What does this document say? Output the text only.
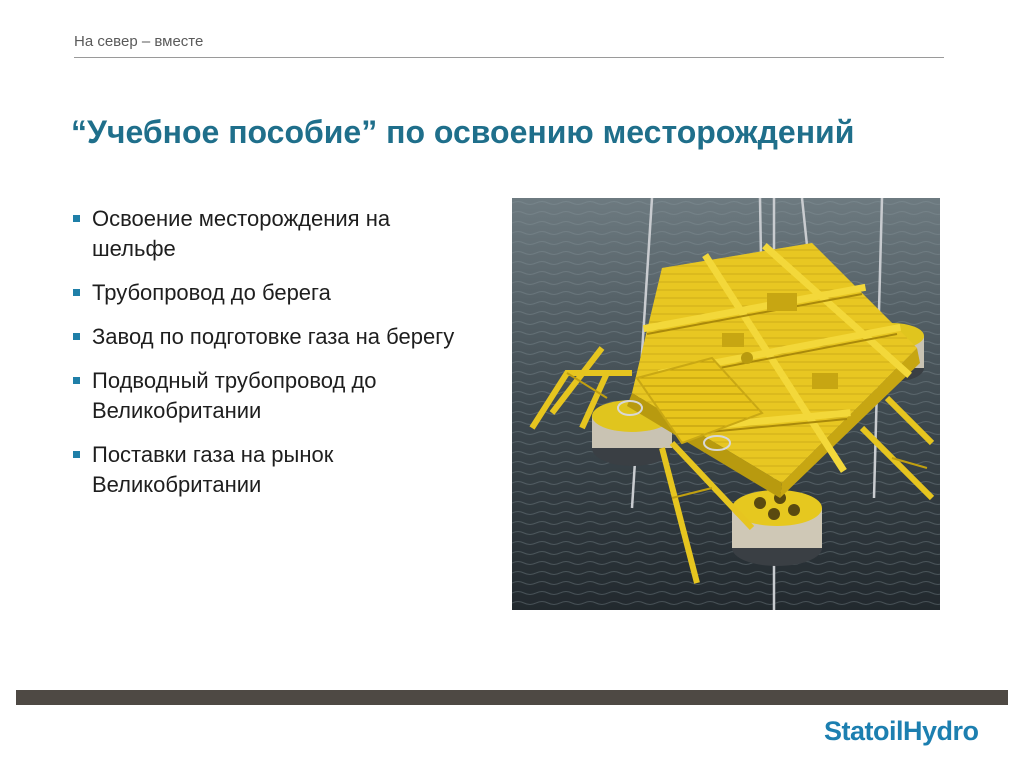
На север – вместе
“Учебное пособие” по освоению месторождений
Освоение месторождения на шельфе
Трубопровод до берега
Завод по подготовке газа на берегу
Подводный трубопровод до Великобритании
Поставки газа на рынок Великобритании
StatoilHydro
